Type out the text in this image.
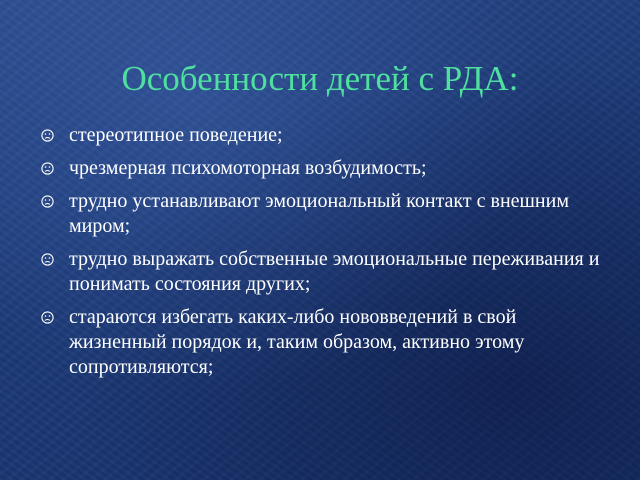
Особенности детей с РДА:
стереотипное поведение;
чрезмерная психомоторная возбудимость;
трудно устанавливают эмоциональный контакт с внешним миром;
трудно выражать собственные эмоциональные переживания и понимать состояния других;
стараются избегать каких-либо нововведений в свой жизненный порядок и, таким образом, активно этому сопротивляются;
